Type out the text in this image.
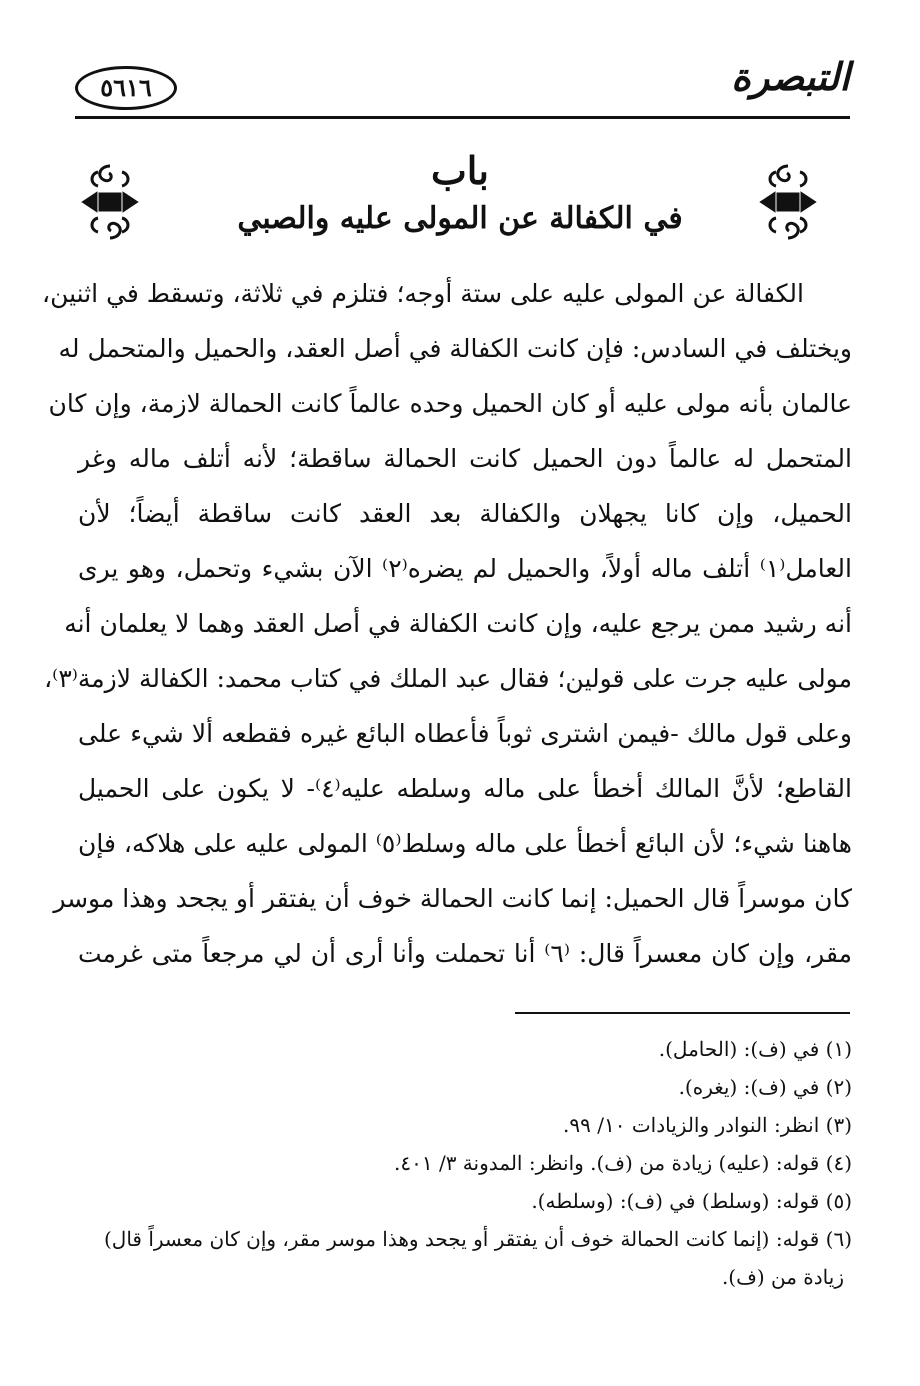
التبصرة
٥٦١٦
باب
في الكفالة عن المولى عليه والصبي

الكفالة عن المولى عليه على ستة أوجه؛ فتلزم في ثلاثة، وتسقط في اثنين،

ويختلف في السادس: فإن كانت الكفالة في أصل العقد، والحميل والمتحمل له

عالمان بأنه مولى عليه أو كان الحميل وحده عالماً كانت الحمالة لازمة، وإن كان

المتحمل له عالماً دون الحميل كانت الحمالة ساقطة؛ لأنه أتلف ماله وغر

الحميل، وإن كانا يجهلان والكفالة بعد العقد كانت ساقطة أيضاً؛ لأن

العامل⁽١⁾ أتلف ماله أولاً، والحميل لم يضره⁽٢⁾ الآن بشيء وتحمل، وهو يرى

أنه رشيد ممن يرجع عليه، وإن كانت الكفالة في أصل العقد وهما لا يعلمان أنه

مولى عليه جرت على قولين؛ فقال عبد الملك في كتاب محمد: الكفالة لازمة⁽٣⁾،

وعلى قول مالك -فيمن اشترى ثوباً فأعطاه البائع غيره فقطعه ألا شيء على

القاطع؛ لأنَّ المالك أخطأ على ماله وسلطه عليه⁽٤⁾- لا يكون على الحميل

هاهنا شيء؛ لأن البائع أخطأ على ماله وسلط⁽٥⁾ المولى عليه على هلاكه، فإن

كان موسراً قال الحميل: إنما كانت الحمالة خوف أن يفتقر أو يجحد وهذا موسر

مقر، وإن كان معسراً قال: ⁽٦⁾ أنا تحملت وأنا أرى أن لي مرجعاً متى غرمت

(١) في (ف): (الحامل).

(٢) في (ف): (يغره).

(٣) انظر: النوادر والزيادات ١٠/ ٩٩.

(٤) قوله: (عليه) زيادة من (ف). وانظر: المدونة ٣/ ٤٠١.

(٥) قوله: (وسلط) في (ف): (وسلطه).

(٦) قوله: (إنما كانت الحمالة خوف أن يفتقر أو يجحد وهذا موسر مقر، وإن كان معسراً قال)

زيادة من (ف).
